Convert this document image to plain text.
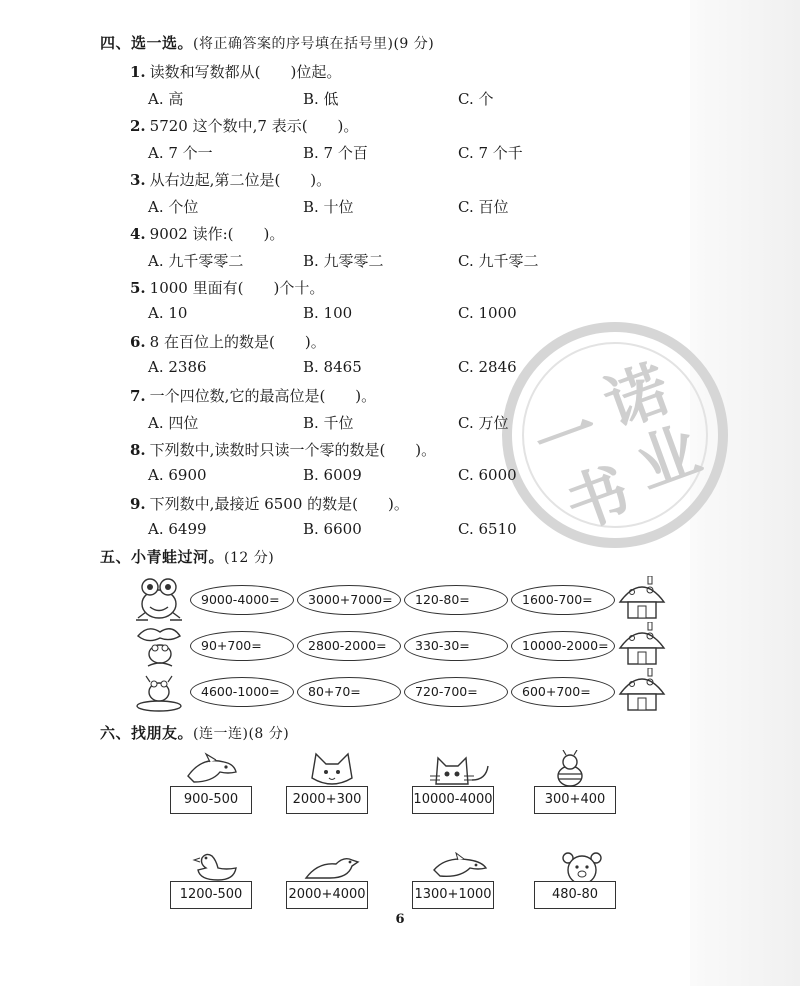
一
诺
书
业
四、选一选。(将正确答案的序号填在括号里)(9 分)
1. 读数和写数都从(　　)位起。
A. 高	B. 低	C. 个
2. 5720 这个数中,7 表示(　　)。
A. 7 个一	B. 7 个百	C. 7 个千
3. 从右边起,第二位是(　　)。
A. 个位	B. 十位	C. 百位
4. 9002 读作:(　　)。
A. 九千零零二	B. 九零零二	C. 九千零二
5. 1000 里面有(　　)个十。
A. 10	B. 100	C. 1000
6. 8 在百位上的数是(　　)。
A. 2386	B. 8465	C. 2846
7. 一个四位数,它的最高位是(　　)。
A. 四位	B. 千位	C. 万位
8. 下列数中,读数时只读一个零的数是(　　)。
A. 6900	B. 6009	C. 6000
9. 下列数中,最接近 6500 的数是(　　)。
A. 6499	B. 6600	C. 6510
五、小青蛙过河。(12 分)
9000-4000=	3000+7000=	120-80=	1600-700=
90+700=	2800-2000=	330-30=	10000-2000=
4600-1000=	80+70=	720-700=	600+700=
六、找朋友。(连一连)(8 分)
900-500	2000+300	10000-4000	300+400
1200-500	2000+4000	1300+1000	480-80
6
